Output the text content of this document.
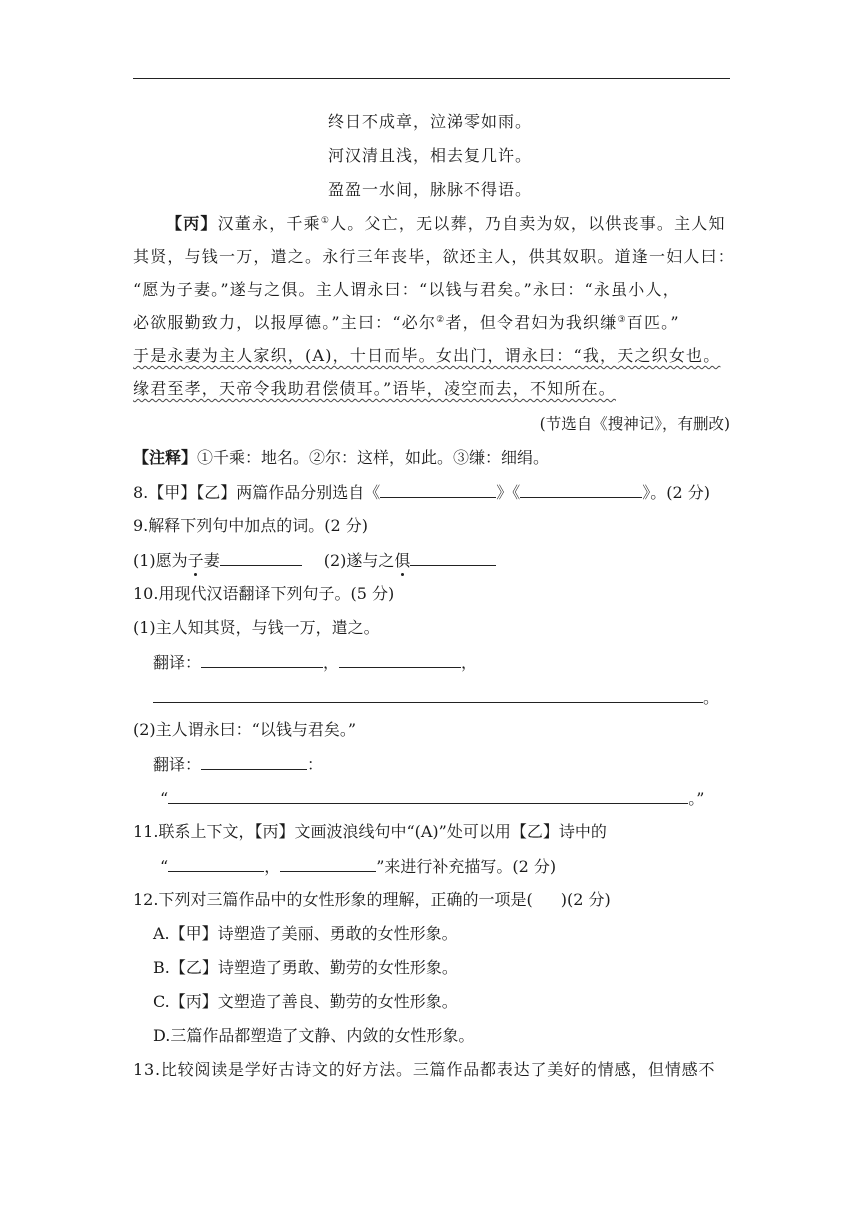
终日不成章，泣涕零如雨。
河汉清且浅，相去复几许。
盈盈一水间，脉脉不得语。
【丙】汉董永，千乘①人。父亡，无以葬，乃自卖为奴，以供丧事。主人知
其贤，与钱一万，遣之。永行三年丧毕，欲还主人，供其奴职。道逢一妇人曰：
“愿为子妻。”遂与之俱。主人谓永曰：“以钱与君矣。”永曰：“永虽小人，
必欲服勤致力，以报厚德。”主曰：“必尔②者，但令君妇为我织缣③百匹。”
于是永妻为主人家织，(A)，十日而毕。女出门，谓永曰：“我，天之织女也。
缘君至孝，天帝令我助君偿债耳。”语毕，凌空而去，不知所在。
(节选自《搜神记》，有删改)
【注释】①千乘：地名。②尔：这样，如此。③缣：细绢。
8.【甲】【乙】两篇作品分别选自《	》《	》。(2 分)
9.解释下列句中加点的词。(2 分)
(1)愿为子妻	(2)遂与之俱
10.用现代汉语翻译下列句子。(5 分)
(1)主人知其贤，与钱一万，遣之。
翻译：	，	，
。
(2)主人谓永曰：“以钱与君矣。”
翻译：	：
“	。”
11.联系上下文，【丙】文画波浪线句中“(A)”处可以用【乙】诗中的
“	，	”来进行补充描写。(2 分)
12.下列对三篇作品中的女性形象的理解，正确的一项是( )(2 分)
A.【甲】诗塑造了美丽、勇敢的女性形象。
B.【乙】诗塑造了勇敢、勤劳的女性形象。
C.【丙】文塑造了善良、勤劳的女性形象。
D.三篇作品都塑造了文静、内敛的女性形象。
13.比较阅读是学好古诗文的好方法。三篇作品都表达了美好的情感，但情感不
